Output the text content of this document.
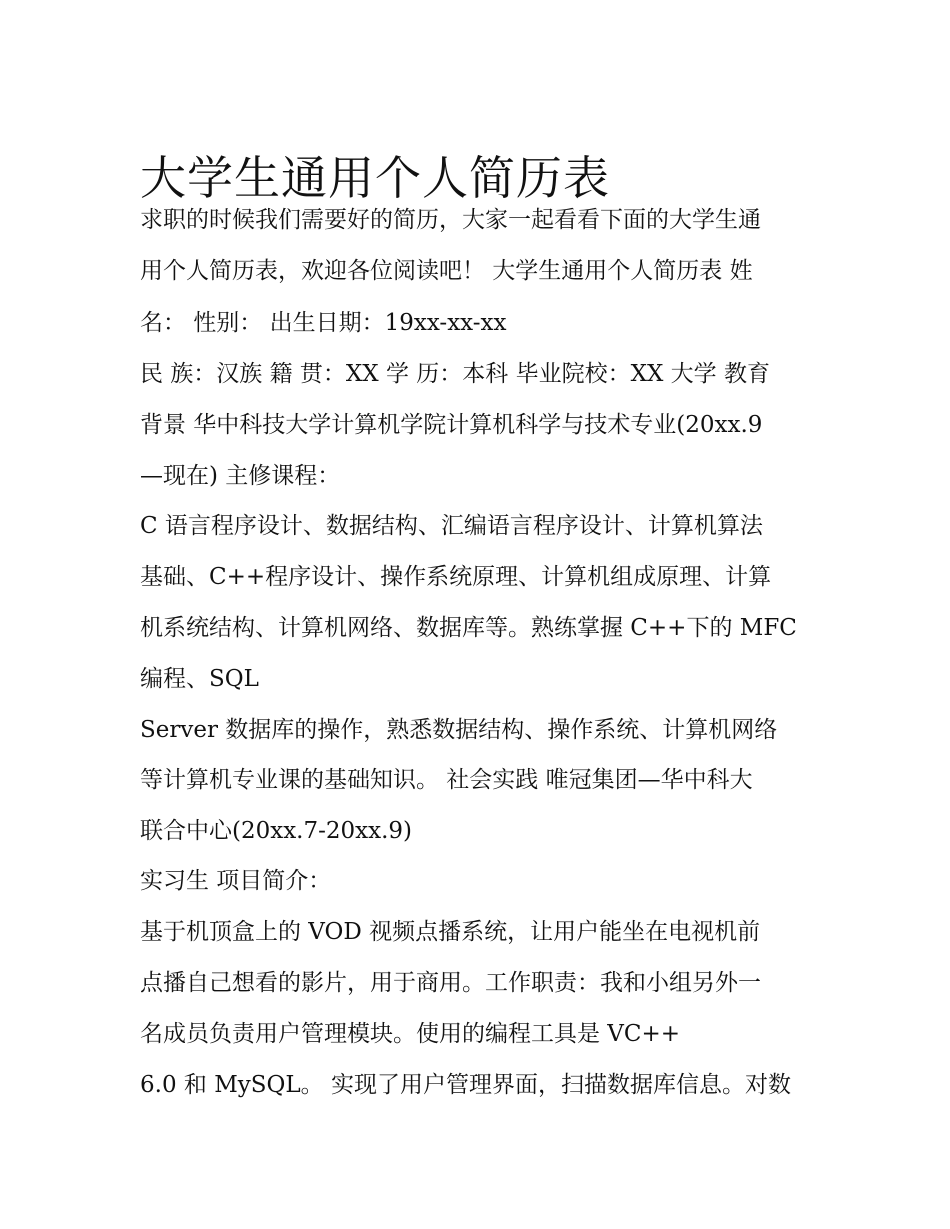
大学生通用个人简历表
求职的时候我们需要好的简历，大家一起看看下面的大学生通
用个人简历表，欢迎各位阅读吧！ 大学生通用个人简历表 姓
名： 性别： 出生日期：19xx-xx-xx
民 族：汉族 籍 贯：XX 学 历：本科 毕业院校：XX 大学 教育
背景 华中科技大学计算机学院计算机科学与技术专业(20xx.9
—现在) 主修课程：
C 语言程序设计、数据结构、汇编语言程序设计、计算机算法
基础、C++程序设计、操作系统原理、计算机组成原理、计算
机系统结构、计算机网络、数据库等。熟练掌握 C++下的 MFC
编程、SQL
Server 数据库的操作，熟悉数据结构、操作系统、计算机网络
等计算机专业课的基础知识。 社会实践 唯冠集团—华中科大
联合中心(20xx.7-20xx.9)
实习生 项目简介：
基于机顶盒上的 VOD 视频点播系统，让用户能坐在电视机前
点播自己想看的影片，用于商用。工作职责：我和小组另外一
名成员负责用户管理模块。使用的编程工具是 VC++
6.0 和 MySQL。 实现了用户管理界面，扫描数据库信息。对数
